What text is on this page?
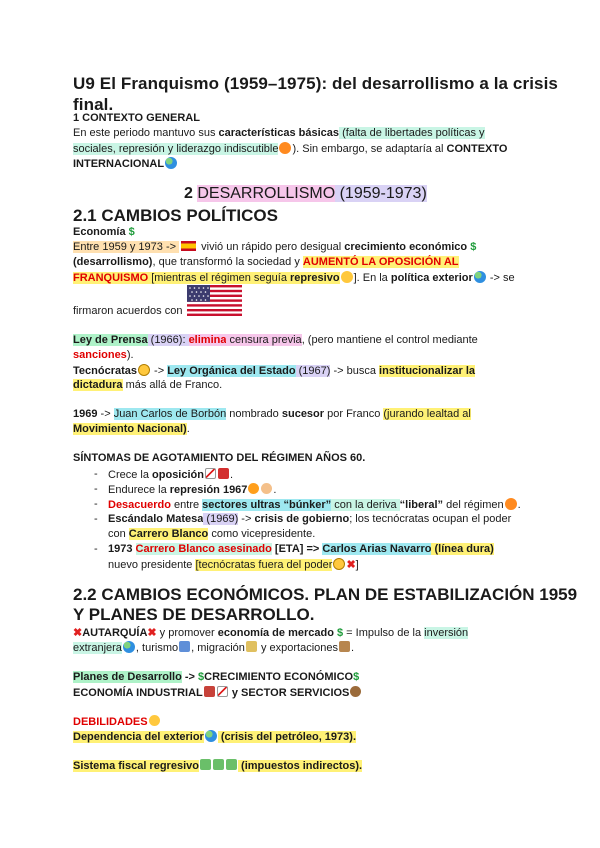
U9 El Franquismo (1959–1975): del desarrollismo a la crisis
final.
1 CONTEXTO GENERAL
En este periodo mantuvo sus características básicas (falta de libertades políticas y
sociales, represión y liderazgo indiscutible ). Sin embargo, se adaptaría al CONTEXTO
INTERNACIONAL
2 DESARROLLISMO (1959-1973)
2.1 CAMBIOS POLÍTICOS
Economía $
Entre 1959 y 1973 ->  vivió un rápido pero desigual crecimiento económico $
(desarrollismo), que transformó la sociedad y AUMENTÓ LA OPOSICIÓN AL
FRANQUISMO [mientras el régimen seguía represivo ]. En la política exterior -> se
firmaron acuerdos con
Ley de Prensa (1966): elimina censura previa, (pero mantiene el control mediante
sanciones).
Tecnócratas -> Ley Orgánica del Estado (1967) -> busca institucionalizar la
dictadura más allá de Franco.
1969 -> Juan Carlos de Borbón nombrado sucesor por Franco (jurando lealtad al
Movimiento Nacional).
SÍNTOMAS DE AGOTAMIENTO DEL RÉGIMEN AÑOS 60.
- Crece la oposición .
- Endurece la represión 1967 .
- Desacuerdo entre sectores ultras “búnker” con la deriva “liberal” del régimen .
- Escándalo Matesa (1969) -> crisis de gobierno; los tecnócratas ocupan el poder
con Carrero Blanco como vicepresidente.
- 1973 Carrero Blanco asesinado [ETA] => Carlos Arias Navarro (línea dura)
nuevo presidente [tecnócratas fuera del poder ✖]
2.2 CAMBIOS ECONÓMICOS. PLAN DE ESTABILIZACIÓN 1959
Y PLANES DE DESARROLLO.
✖AUTARQUÍA✖ y promover economía de mercado $ = Impulso de la inversión
extranjera , turismo , migración y exportaciones .
Planes de Desarrollo -> $CRECIMIENTO ECONÓMICO$
ECONOMÍA INDUSTRIAL y SECTOR SERVICIOS
DEBILIDADES
Dependencia del exterior (crisis del petróleo, 1973).
Sistema fiscal regresivo	(impuestos indirectos).
